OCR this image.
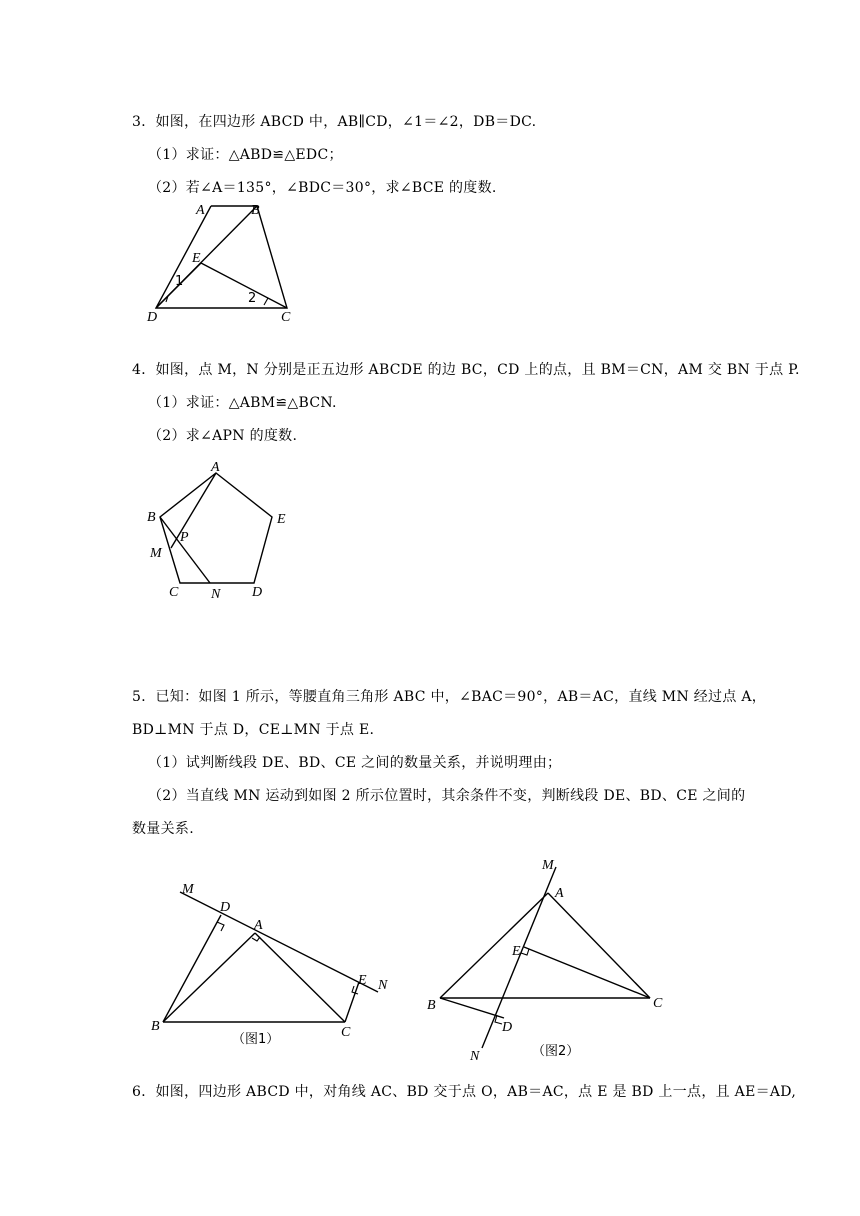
3．如图，在四边形 ABCD 中，AB∥CD，∠1＝∠2，DB＝DC.
（1）求证：△ABD≌△EDC；
（2）若∠A＝135°，∠BDC＝30°，求∠BCE 的度数.
A	B
E
1
2
D	C
4．如图，点 M，N 分别是正五边形 ABCDE 的边 BC，CD 上的点，且 BM＝CN，AM 交 BN 于点 P.
（1）求证：△ABM≌△BCN.
（2）求∠APN 的度数.
A
B	E
P
M
C N D
5．已知：如图 1 所示，等腰直角三角形 ABC 中，∠BAC＝90°，AB＝AC，直线 MN 经过点 A，
BD⊥MN 于点 D，CE⊥MN 于点 E.
（1）试判断线段 DE、BD、CE 之间的数量关系，并说明理由；
（2）当直线 MN 运动到如图 2 所示位置时，其余条件不变，判断线段 DE、BD、CE 之间的
数量关系.
M
D
A
E N
B	C
（图1）
M
A
E
B	C
D
N	（图2）
6．如图，四边形 ABCD 中，对角线 AC、BD 交于点 O，AB＝AC，点 E 是 BD 上一点，且 AE＝AD,
